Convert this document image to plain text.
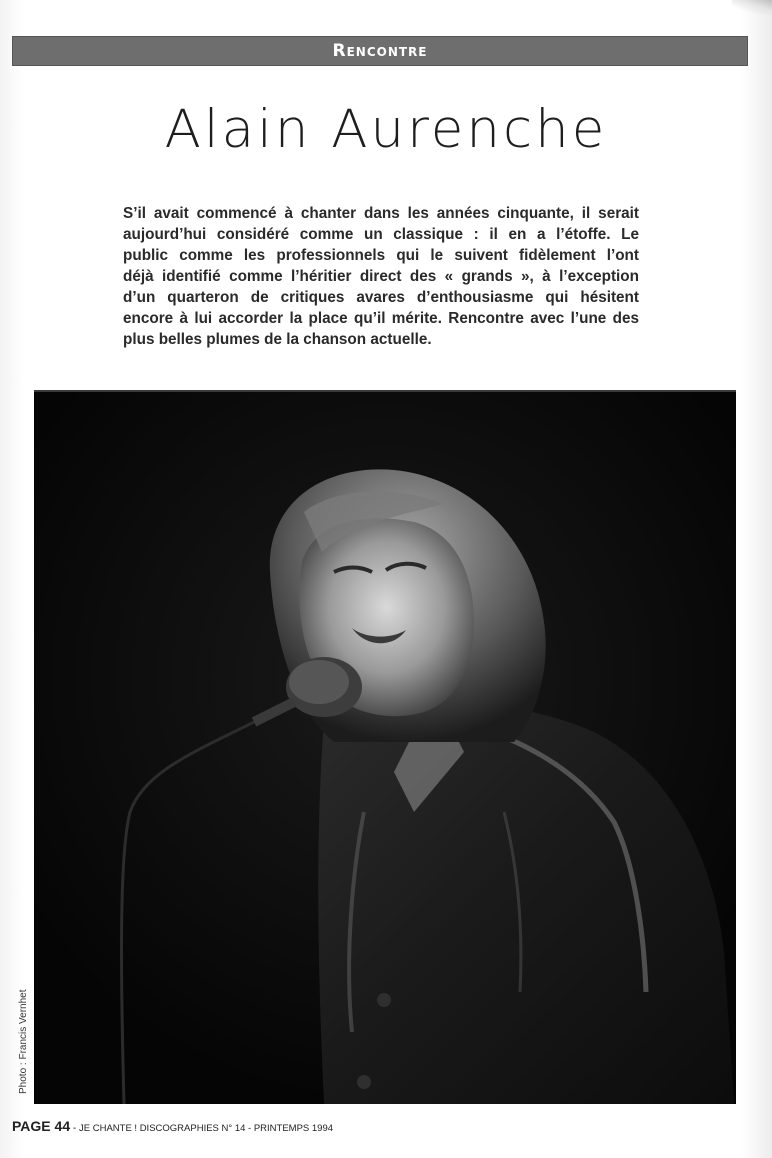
Rencontre
Alain Aurenche
S’il avait commencé à chanter dans les années cinquante, il serait
aujourd’hui considéré comme un classique : il en a l’étoffe. Le
public comme les professionnels qui le suivent fidèlement l’ont
déjà identifié comme l’héritier direct des « grands », à l’exception
d’un quarteron de critiques avares d’enthousiasme qui hésitent
encore à lui accorder la place qu’il mérite. Rencontre avec l’une des
plus belles plumes de la chanson actuelle.
Photo : Francis Vernhet
PAGE 44 - JE CHANTE ! DISCOGRAPHIES N° 14 - PRINTEMPS 1994
